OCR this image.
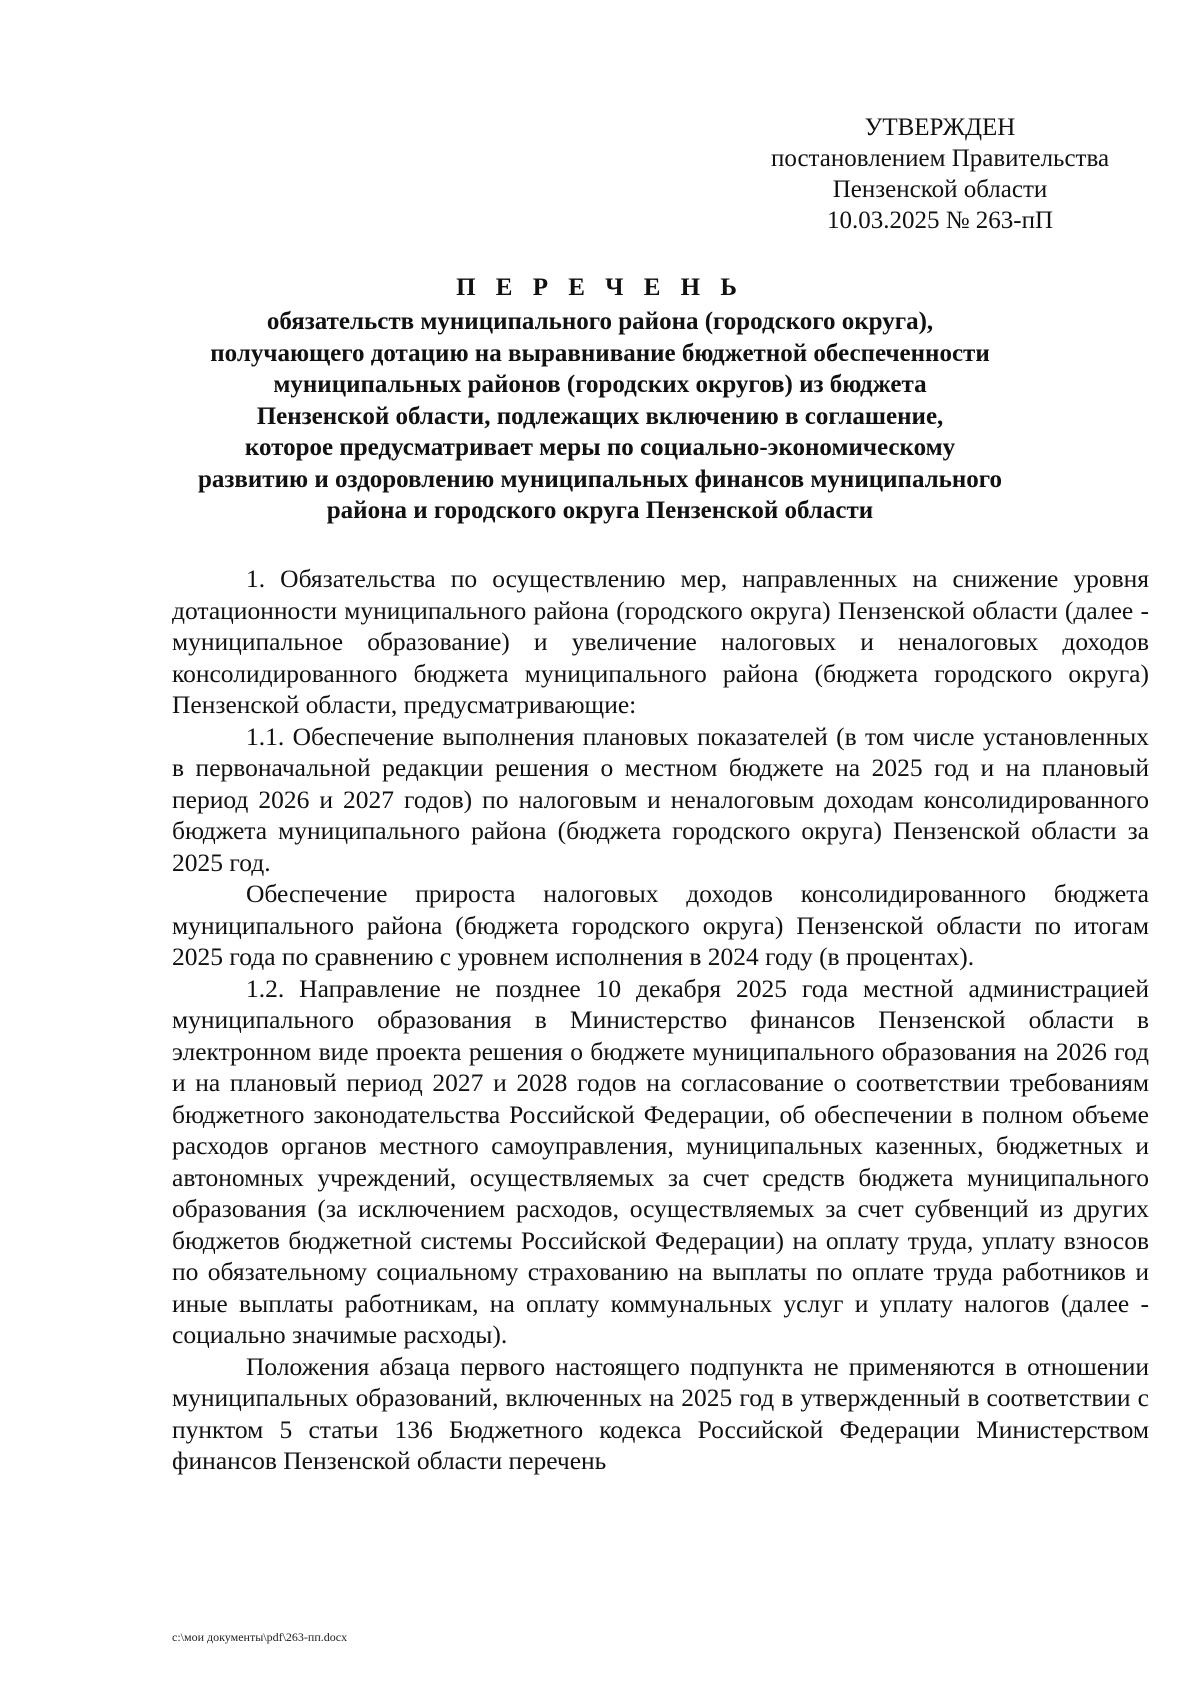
УТВЕРЖДЕН
постановлением Правительства
Пензенской области
10.03.2025 № 263-пП
П Е Р Е Ч Е Н Ь
обязательств муниципального района (городского округа),
получающего дотацию на выравнивание бюджетной обеспеченности
муниципальных районов (городских округов) из бюджета
Пензенской области, подлежащих включению в соглашение,
которое предусматривает меры по социально-экономическому
развитию и оздоровлению муниципальных финансов муниципального
района и городского округа Пензенской области

1. Обязательства по осуществлению мер, направленных на снижение уровня дотационности муниципального района (городского округа) Пензенской области (далее - муниципальное образование) и увеличение налоговых и неналоговых доходов консолидированного бюджета муниципального района (бюджета городского округа) Пензенской области, предусматривающие:

1.1. Обеспечение выполнения плановых показателей (в том числе установленных в первоначальной редакции решения о местном бюджете на 2025 год и на плановый период 2026 и 2027 годов) по налоговым и неналоговым доходам консолидированного бюджета муниципального района (бюджета городского округа) Пензенской области за 2025 год.

Обеспечение прироста налоговых доходов консолидированного бюджета муниципального района (бюджета городского округа) Пензенской области по итогам 2025 года по сравнению с уровнем исполнения в 2024 году (в процентах).

1.2. Направление не позднее 10 декабря 2025 года местной администрацией муниципального образования в Министерство финансов Пензенской области в электронном виде проекта решения о бюджете муниципального образования на 2026 год и на плановый период 2027 и 2028 годов на согласование о соответствии требованиям бюджетного законодательства Российской Федерации, об обеспечении в полном объеме расходов органов местного самоуправления, муниципальных казенных, бюджетных и автономных учреждений, осуществляемых за счет средств бюджета муниципального образования (за исключением расходов, осуществляемых за счет субвенций из других бюджетов бюджетной системы Российской Федерации) на оплату труда, уплату взносов по обязательному социальному страхованию на выплаты по оплате труда работников и иные выплаты работникам, на оплату коммунальных услуг и уплату налогов (далее - социально значимые расходы).

Положения абзаца первого настоящего подпункта не применяются в отношении муниципальных образований, включенных на 2025 год в утвержденный в соответствии с пунктом 5 статьи 136 Бюджетного кодекса Российской Федерации Министерством финансов Пензенской области перечень

c:\мои документы\pdf\263-пп.docx
